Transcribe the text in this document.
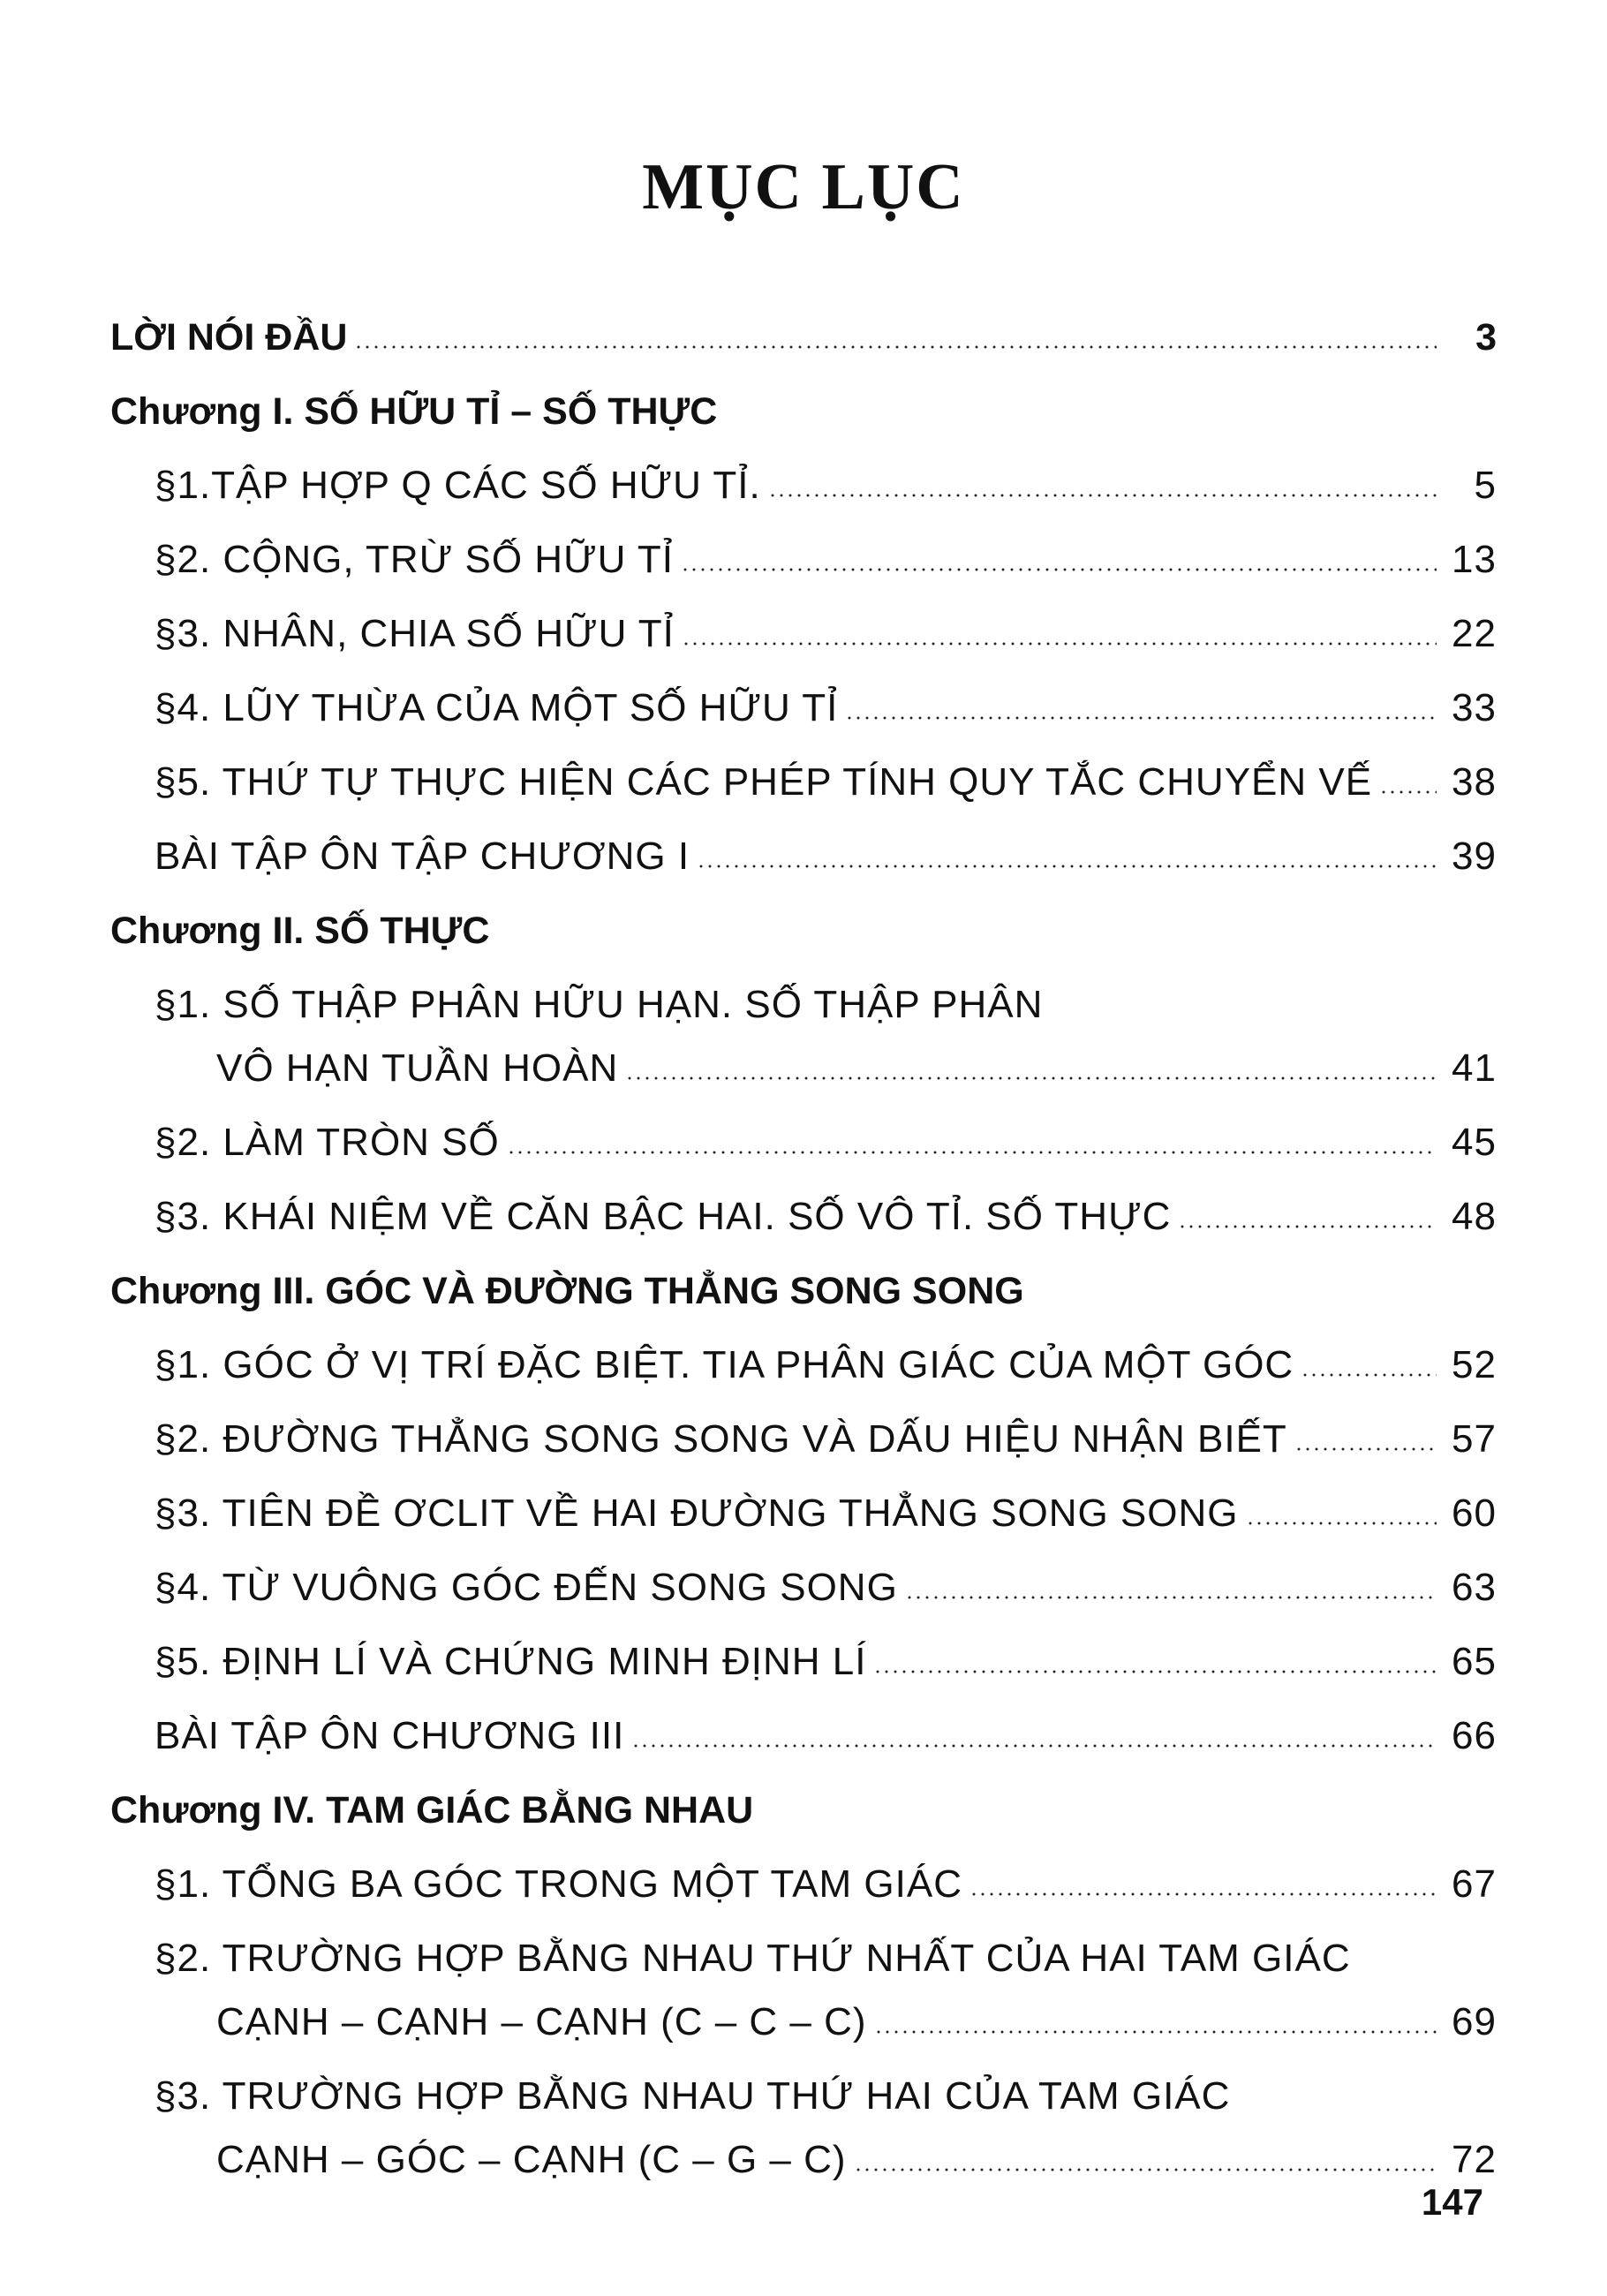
MỤC LỤC
LỜI NÓI ĐẦU	3
Chương I. SỐ HỮU TỈ – SỐ THỰC
§1.TẬP HỢP Q CÁC SỐ HỮU TỈ.	5
§2. CỘNG, TRỪ SỐ HỮU TỈ	13
§3. NHÂN, CHIA SỐ HỮU TỈ	22
§4. LŨY THỪA CỦA MỘT SỐ HỮU TỈ	33
§5. THỨ TỰ THỰC HIỆN CÁC PHÉP TÍNH QUY TẮC CHUYỂN VẾ 38
BÀI TẬP ÔN TẬP CHƯƠNG I	39
Chương II. SỐ THỰC
§1. SỐ THẬP PHÂN HỮU HẠN. SỐ THẬP PHÂN
VÔ HẠN TUẦN HOÀN	41
§2. LÀM TRÒN SỐ	45
§3. KHÁI NIỆM VỀ CĂN BẬC HAI. SỐ VÔ TỈ. SỐ THỰC	48
Chương III. GÓC VÀ ĐƯỜNG THẲNG SONG SONG
§1. GÓC Ở VỊ TRÍ ĐẶC BIỆT. TIA PHÂN GIÁC CỦA MỘT GÓC	52
§2. ĐƯỜNG THẲNG SONG SONG VÀ DẤU HIỆU NHẬN BIẾT	57
§3. TIÊN ĐỀ ƠCLIT VỀ HAI ĐƯỜNG THẲNG SONG SONG	60
§4. TỪ VUÔNG GÓC ĐẾN SONG SONG	63
§5. ĐỊNH LÍ VÀ CHỨNG MINH ĐỊNH LÍ	65
BÀI TẬP ÔN CHƯƠNG III	66
Chương IV. TAM GIÁC BẰNG NHAU
§1. TỔNG BA GÓC TRONG MỘT TAM GIÁC	67
§2. TRƯỜNG HỢP BẰNG NHAU THỨ NHẤT CỦA HAI TAM GIÁC
CẠNH – CẠNH – CẠNH (C – C – C)	69
§3. TRƯỜNG HỢP BẰNG NHAU THỨ HAI CỦA TAM GIÁC
CẠNH – GÓC – CẠNH (C – G – C)	72
147
